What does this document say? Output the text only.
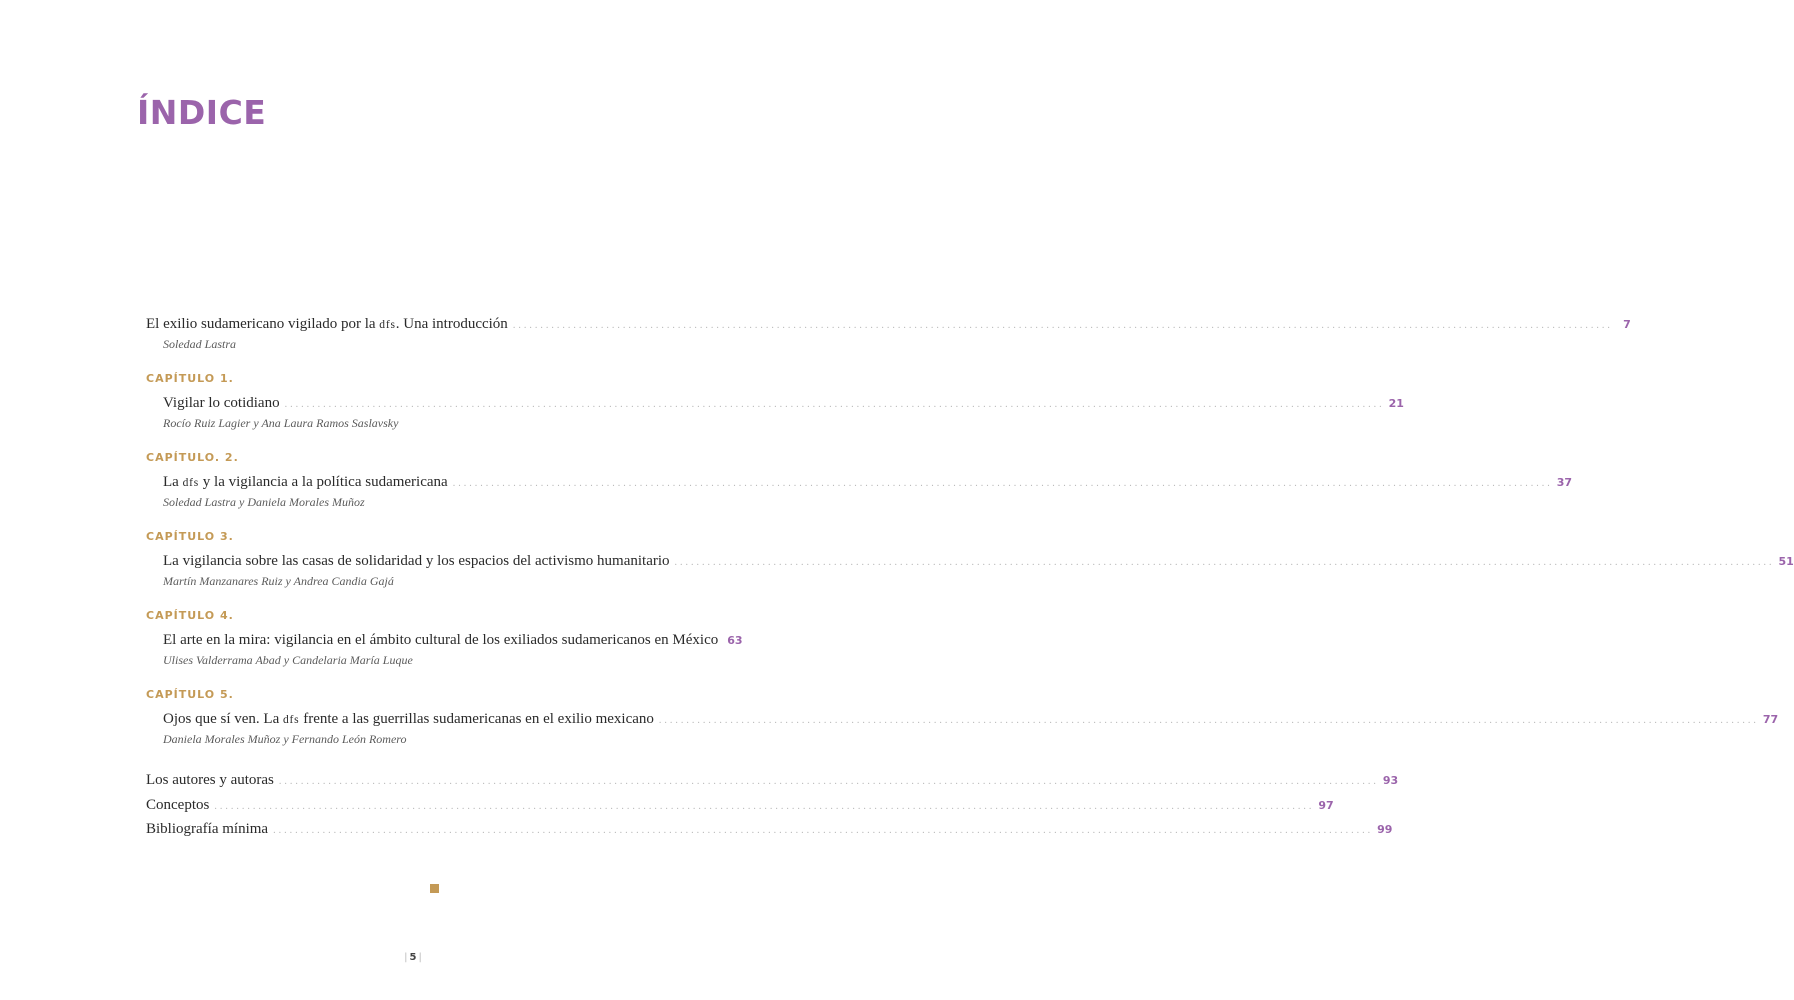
ÍNDICE
El exilio sudamericano vigilado por la dfs. Una introducción ........................................................................................................................................................................................................ 7
Soledad Lastra
CAPÍTULO 1.
Vigilar lo cotidiano ........................................................................................................................................................................................................ 21
Rocío Ruiz Lagier y Ana Laura Ramos Saslavsky
CAPÍTULO. 2.
La dfs y la vigilancia a la política sudamericana ........................................................................................................................................................................................................ 37
Soledad Lastra y Daniela Morales Muñoz
CAPÍTULO 3.
La vigilancia sobre las casas de solidaridad y los espacios del activismo humanitario ........................................................................................................................................................................................................ 51
Martín Manzanares Ruiz y Andrea Candia Gajá
CAPÍTULO 4.
El arte en la mira: vigilancia en el ámbito cultural de los exiliados sudamericanos en México 63
Ulises Valderrama Abad y Candelaria María Luque
CAPÍTULO 5.
Ojos que sí ven. La dfs frente a las guerrillas sudamericanas en el exilio mexicano ........................................................................................................................................................................................................ 77
Daniela Morales Muñoz y Fernando León Romero
Los autores y autoras ........................................................................................................................................................................................................ 93
Conceptos ........................................................................................................................................................................................................ 97
Bibliografía mínima ........................................................................................................................................................................................................ 99
| 5 |
